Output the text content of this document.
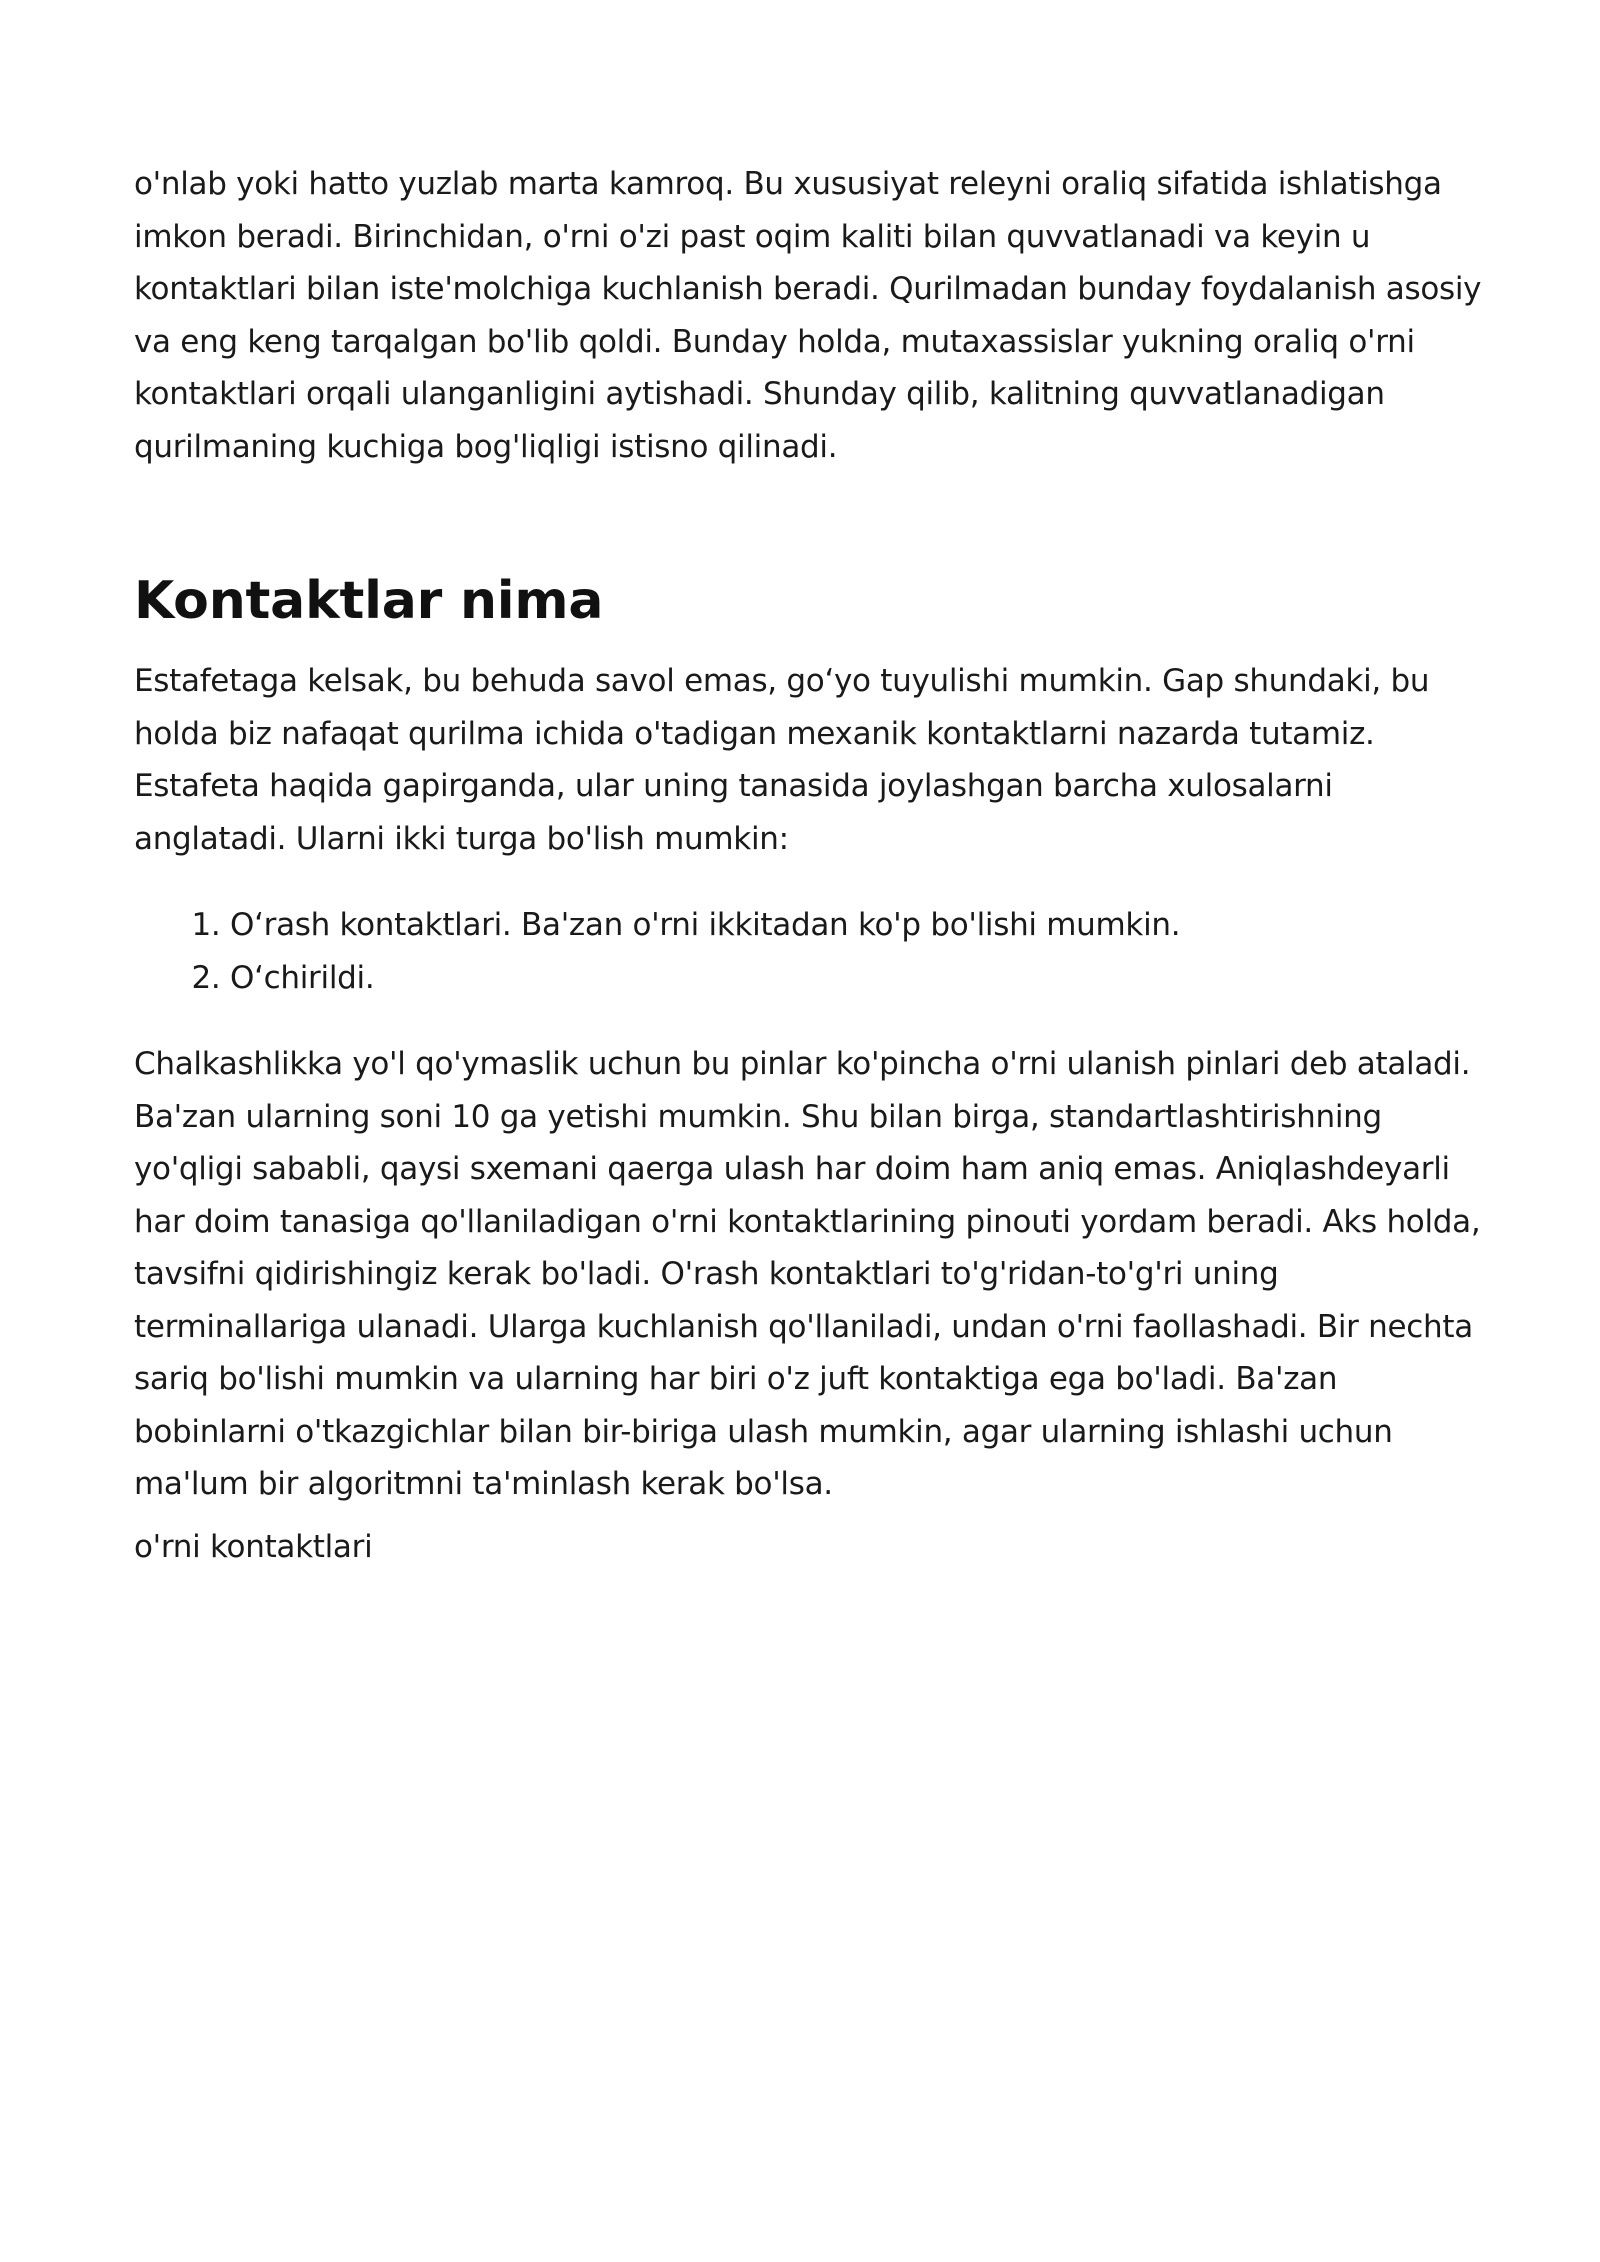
o'nlab yoki hatto yuzlab marta kamroq. Bu xususiyat releyni oraliq sifatida ishlatishga imkon beradi. Birinchidan, o'rni o'zi past oqim kaliti bilan quvvatlanadi va keyin u kontaktlari bilan iste'molchiga kuchlanish beradi. Qurilmadan bunday foydalanish asosiy va eng keng tarqalgan bo'lib qoldi. Bunday holda, mutaxassislar yukning oraliq o'rni kontaktlari orqali ulanganligini aytishadi. Shunday qilib, kalitning quvvatlanadigan qurilmaning kuchiga bog'liqligi istisno qilinadi.

Kontaktlar nima

Estafetaga kelsak, bu behuda savol emas, go‘yo tuyulishi mumkin. Gap shundaki, bu holda biz nafaqat qurilma ichida o'tadigan mexanik kontaktlarni nazarda tutamiz. Estafeta haqida gapirganda, ular uning tanasida joylashgan barcha xulosalarni anglatadi. Ularni ikki turga bo'lish mumkin:

1. O‘rash kontaktlari. Ba'zan o'rni ikkitadan ko'p bo'lishi mumkin.
2. O‘chirildi.

Chalkashlikka yo'l qo'ymaslik uchun bu pinlar ko'pincha o'rni ulanish pinlari deb ataladi. Ba'zan ularning soni 10 ga yetishi mumkin. Shu bilan birga, standartlashtirishning yo'qligi sababli, qaysi sxemani qaerga ulash har doim ham aniq emas. Aniqlashdeyarli har doim tanasiga qo'llaniladigan o'rni kontaktlarining pinouti yordam beradi. Aks holda, tavsifni qidirishingiz kerak bo'ladi. O'rash kontaktlari to'g'ridan-to'g'ri uning terminallariga ulanadi. Ularga kuchlanish qo'llaniladi, undan o'rni faollashadi. Bir nechta sariq bo'lishi mumkin va ularning har biri o'z juft kontaktiga ega bo'ladi. Ba'zan bobinlarni o'tkazgichlar bilan bir-biriga ulash mumkin, agar ularning ishlashi uchun ma'lum bir algoritmni ta'minlash kerak bo'lsa.

o'rni kontaktlari
